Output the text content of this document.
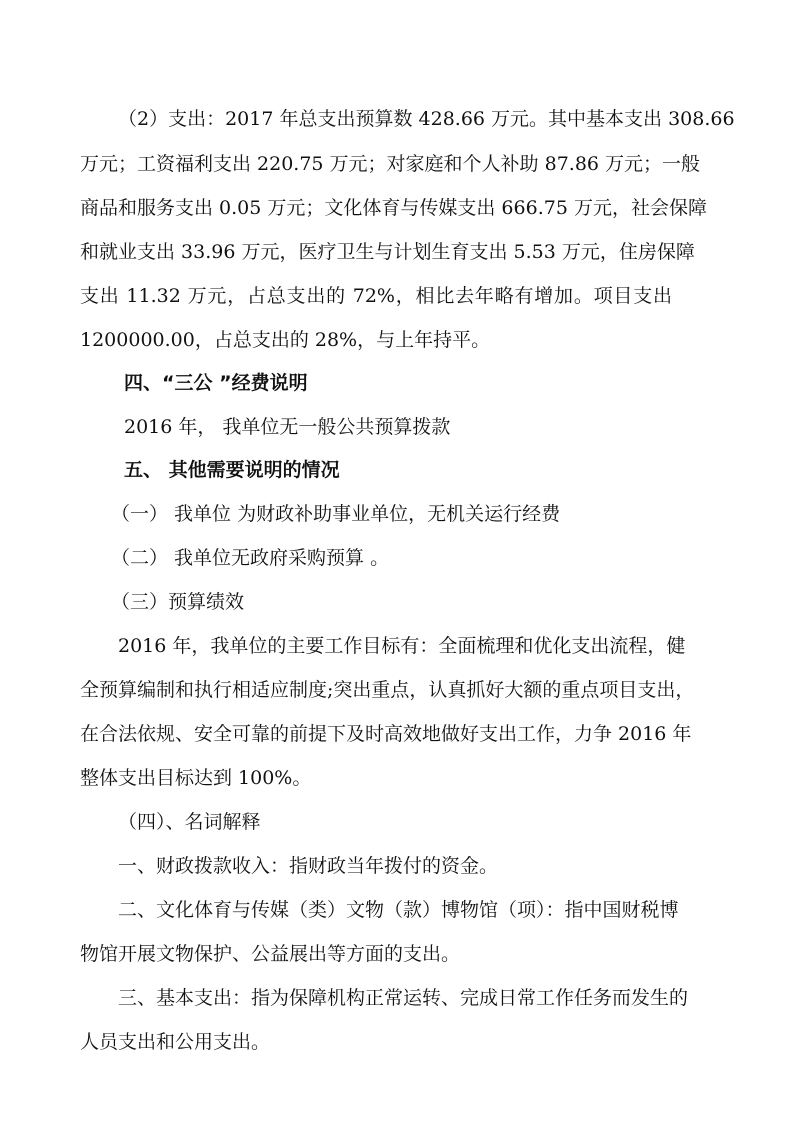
（2）支出：2017 年总支出预算数 428.66 万元。其中基本支出 308.66
万元；工资福利支出 220.75 万元；对家庭和个人补助 87.86 万元；一般
商品和服务支出 0.05 万元；文化体育与传媒支出 666.75 万元，社会保障
和就业支出 33.96 万元，医疗卫生与计划生育支出 5.53 万元，住房保障
支出 11.32 万元，占总支出的 72%，相比去年略有增加。项目支出
1200000.00，占总支出的 28%，与上年持平。
四、“三公 ”经费说明
2016 年， 我单位无一般公共预算拨款
五、 其他需要说明的情况
（一） 我单位 为财政补助事业单位，无机关运行经费
（二） 我单位无政府采购预算 。
（三）预算绩效
2016 年，我单位的主要工作目标有：全面梳理和优化支出流程，健
全预算编制和执行相适应制度;突出重点，认真抓好大额的重点项目支出，
在合法依规、安全可靠的前提下及时高效地做好支出工作，力争 2016 年
整体支出目标达到 100%。
（四）、名词解释
一、财政拨款收入：指财政当年拨付的资金。
二、文化体育与传媒（类）文物（款）博物馆（项）：指中国财税博
物馆开展文物保护、公益展出等方面的支出。
三、基本支出：指为保障机构正常运转、完成日常工作任务而发生的
人员支出和公用支出。
